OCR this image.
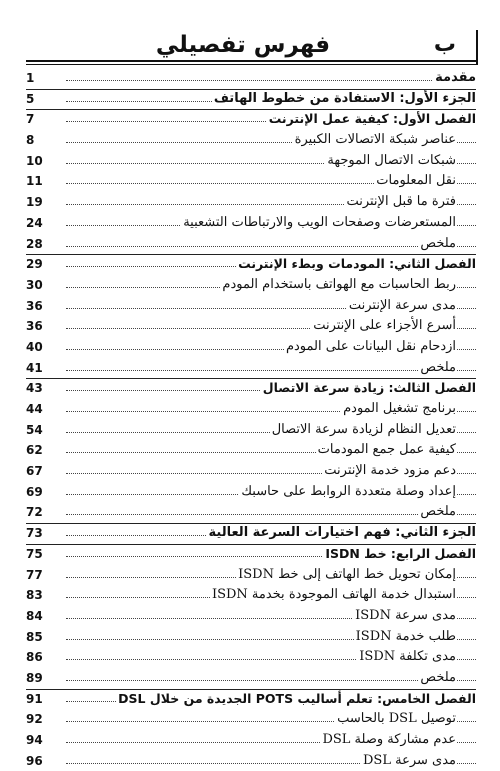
ب
فهرس تفصيلي
مقدمة
1
الجزء الأول: الاستفادة من خطوط الهاتف
5
الفصل الأول: كيفية عمل الإنترنت
7
عناصر شبكة الاتصالات الكبيرة
8
شبكات الاتصال الموجهة
10
نقل المعلومات
11
فترة ما قبل الإنترنت
19
المستعرضات وصفحات الويب والارتباطات التشعبية
24
ملخص
28
الفصل الثاني: المودمات وبطء الإنترنت
29
ربط الحاسبات مع الهواتف باستخدام المودم
30
مدى سرعة الإنترنت
36
أسرع الأجزاء على الإنترنت
36
ازدحام نقل البيانات على المودم
40
ملخص
41
الفصل الثالث: زيادة سرعة الاتصال
43
برنامج تشغيل المودم
44
تعديل النظام لزيادة سرعة الاتصال
54
كيفية عمل جمع المودمات
62
دعم مزود خدمة الإنترنت
67
إعداد وصلة متعددة الروابط على حاسبك
69
ملخص
72
الجزء الثاني: فهم اختيارات السرعة العالية
73
الفصل الرابع: خط ISDN
75
إمكان تحويل خط الهاتف إلى خط ISDN
77
استبدال خدمة الهاتف الموجودة بخدمة ISDN
83
مدى سرعة ISDN
84
طلب خدمة ISDN
85
مدى تكلفة ISDN
86
ملخص
89
الفصل الخامس: تعلم أساليب POTS الجديدة من خلال DSL
91
توصيل DSL بالحاسب
92
عدم مشاركة وصلة DSL
94
مدى سرعة DSL
96
